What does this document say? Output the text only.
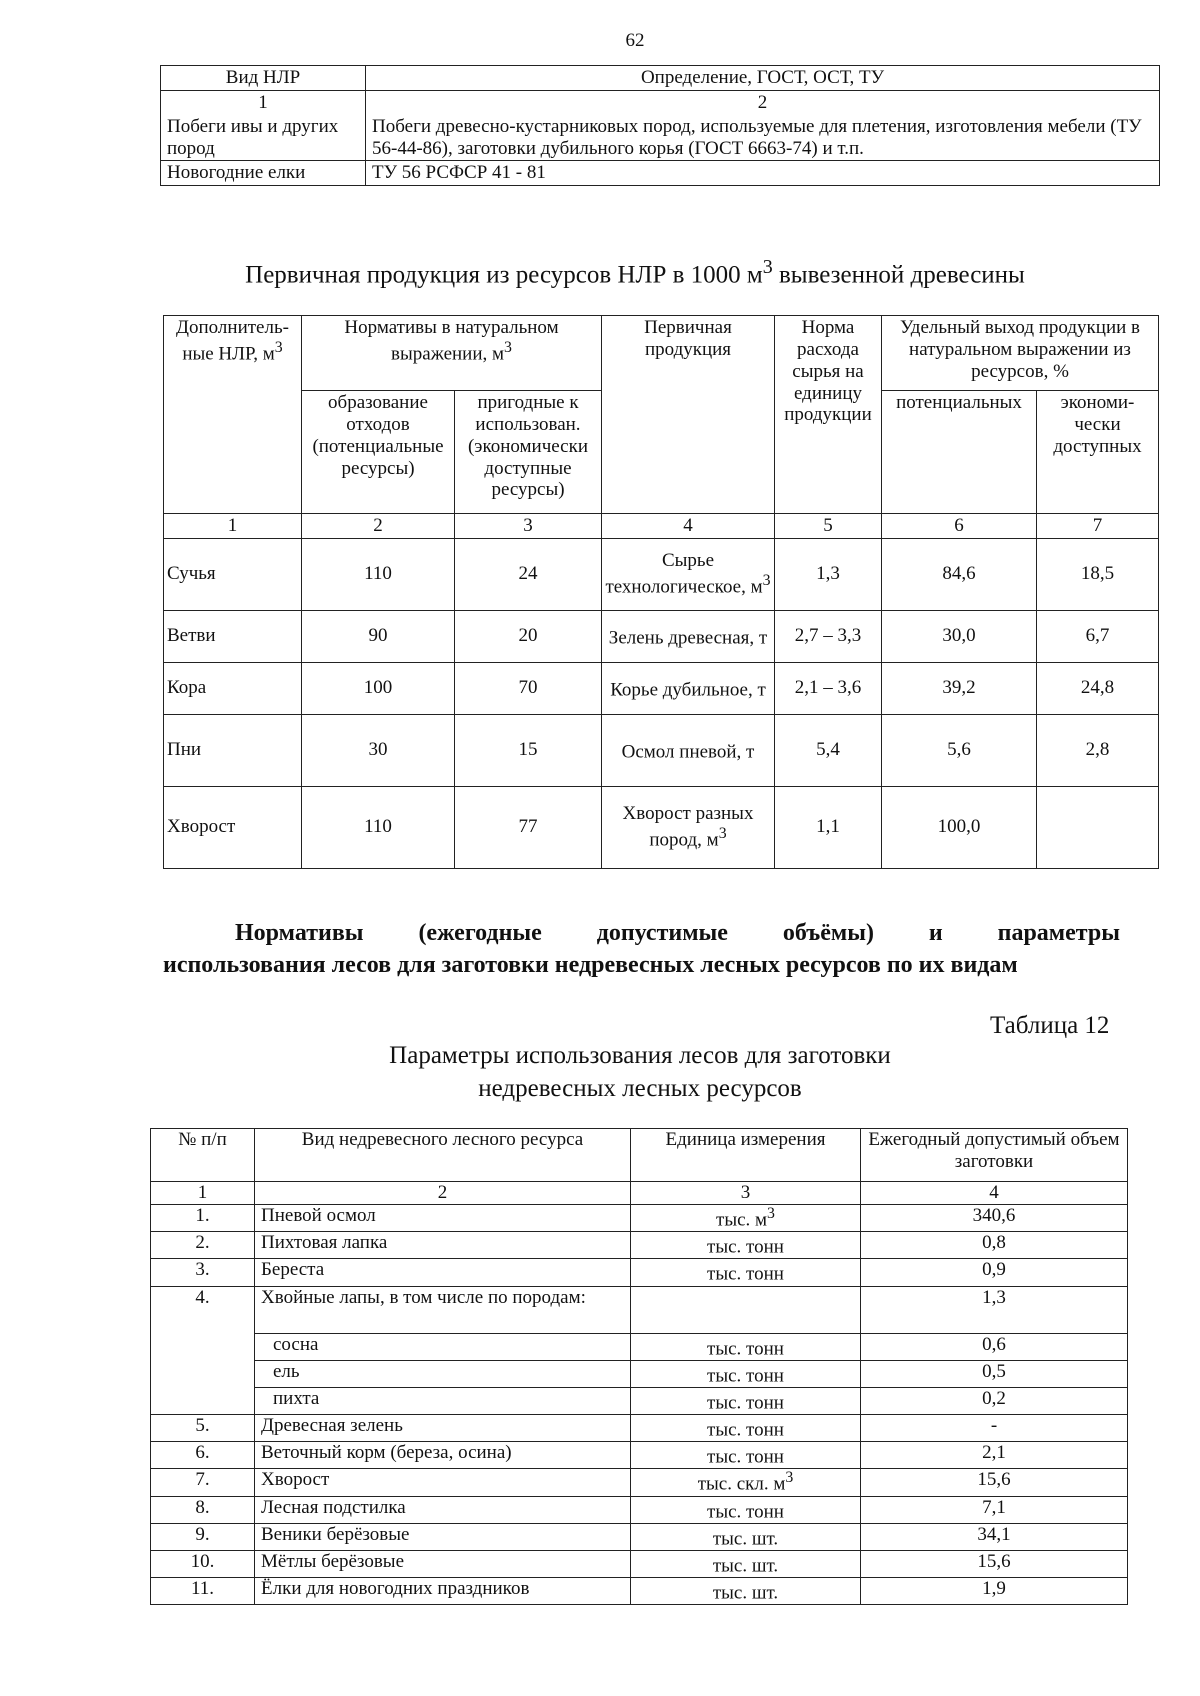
62
Вид НЛР	Определение, ГОСТ, ОСТ, ТУ
1	2
Побеги ивы и других пород	Побеги древесно-кустарниковых пород, используемые для плетения, изготовления мебели (ТУ 56-44-86), заготовки дубильного корья (ГОСТ 6663-74) и т.п.
Новогодние елки	ТУ 56 РСФСР 41 - 81
Первичная продукция из ресурсов НЛР в 1000 $м^3$ вывезенной древесины
Дополнитель-ные НЛР, $м^3$	Нормативы в натуральном выражении, $м^3$		Первичная продукция	Норма расхода сырья на единицу продукции	Удельный выход продукции в натуральном выражении из ресурсов, %	
	образование отходов (потенциальные ресурсы)	пригодные к использован. (экономически доступные ресурсы)			потенциальных	экономи-чески доступных
1	2	3	4	5	6	7
Сучья	110	24	Сырье технологическое, $м^3$	1,3	84,6	18,5
Ветви	90	20	Зелень древесная, т	2,7 – 3,3	30,0	6,7
Кора	100	70	Корье дубильное, т	2,1 – 3,6	39,2	24,8
Пни	30	15	Осмол пневой, т	5,4	5,6	2,8
Хворост	110	77	Хворост разных пород, $м^3$	1,1	100,0	
Нормативы (ежегодные допустимые объёмы) и параметры
использования лесов для заготовки недревесных лесных ресурсов по их видам
Таблица 12
Параметры использования лесов для заготовки
недревесных лесных ресурсов
№ п/п	Вид недревесного лесного ресурса	Единица измерения	Ежегодный допустимый объем заготовки
1	2	3	4
1.	Пневой осмол	тыс. $м^3$	340,6
2.	Пихтовая лапка	тыс. тонн	0,8
3.	Береста	тыс. тонн	0,9
4.	Хвойные лапы, в том числе по породам:		1,3
	сосна	тыс. тонн	0,6
	ель	тыс. тонн	0,5
	пихта	тыс. тонн	0,2
5.	Древесная зелень	тыс. тонн	-
6.	Веточный корм (береза, осина)	тыс. тонн	2,1
7.	Хворост	тыс. скл. $м^3$	15,6
8.	Лесная подстилка	тыс. тонн	7,1
9.	Веники берёзовые	тыс. шт.	34,1
10.	Мётлы берёзовые	тыс. шт.	15,6
11.	Ёлки для новогодних праздников	тыс. шт.	1,9
